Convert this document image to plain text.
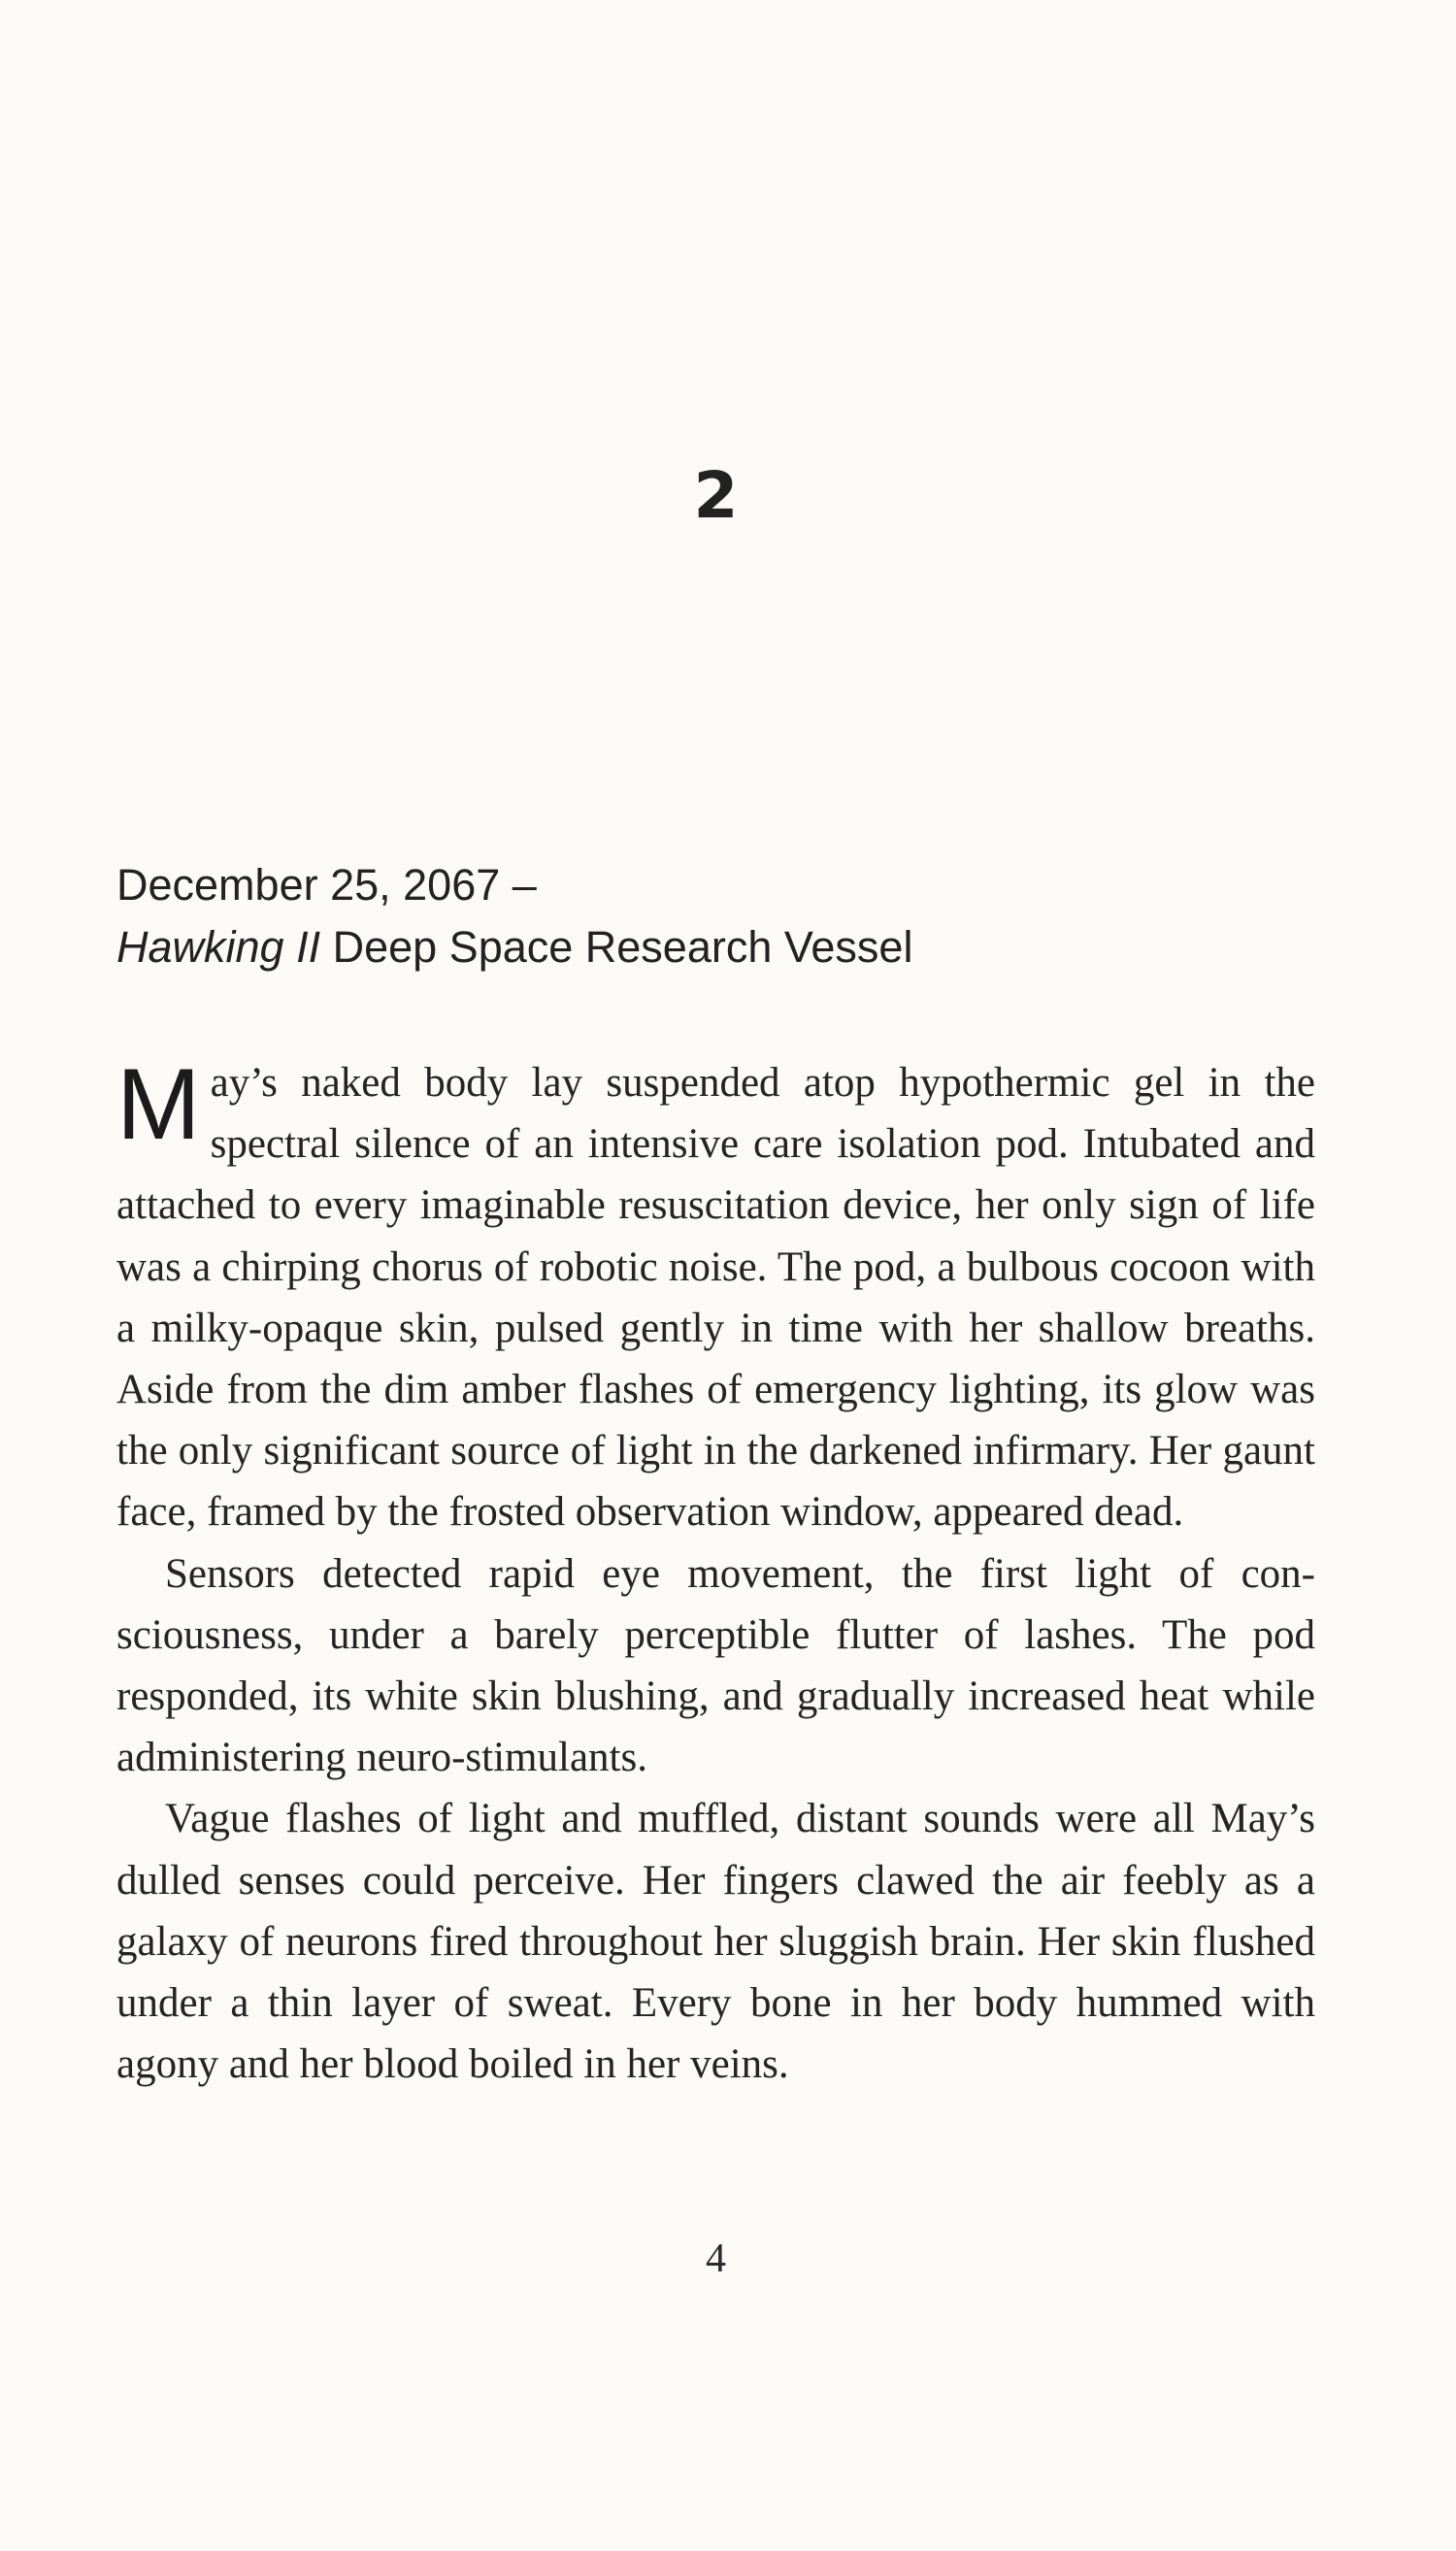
2
December 25, 2067 –
Hawking II Deep Space Research Vessel

May’s naked body lay suspended atop hypothermic gel in the spectral silence of an intensive care isolation pod. Intubated and attached to every imaginable resuscitation device, her only sign of life was a chirping chorus of robotic noise. The pod, a bulbous cocoon with a milky-opaque skin, pulsed gently in time with her shallow breaths. Aside from the dim amber flashes of emergency lighting, its glow was the only significant source of light in the darkened infirmary. Her gaunt face, framed by the frosted observation window, appeared dead.

Sensors detected rapid eye movement, the first light of consciousness, under a barely perceptible flutter of lashes. The pod responded, its white skin blushing, and gradually increased heat while administering neuro-stimulants.

Vague flashes of light and muffled, distant sounds were all May’s dulled senses could perceive. Her fingers clawed the air feebly as a galaxy of neurons fired throughout her sluggish brain. Her skin flushed under a thin layer of sweat. Every bone in her body hummed with agony and her blood boiled in her veins.

4
